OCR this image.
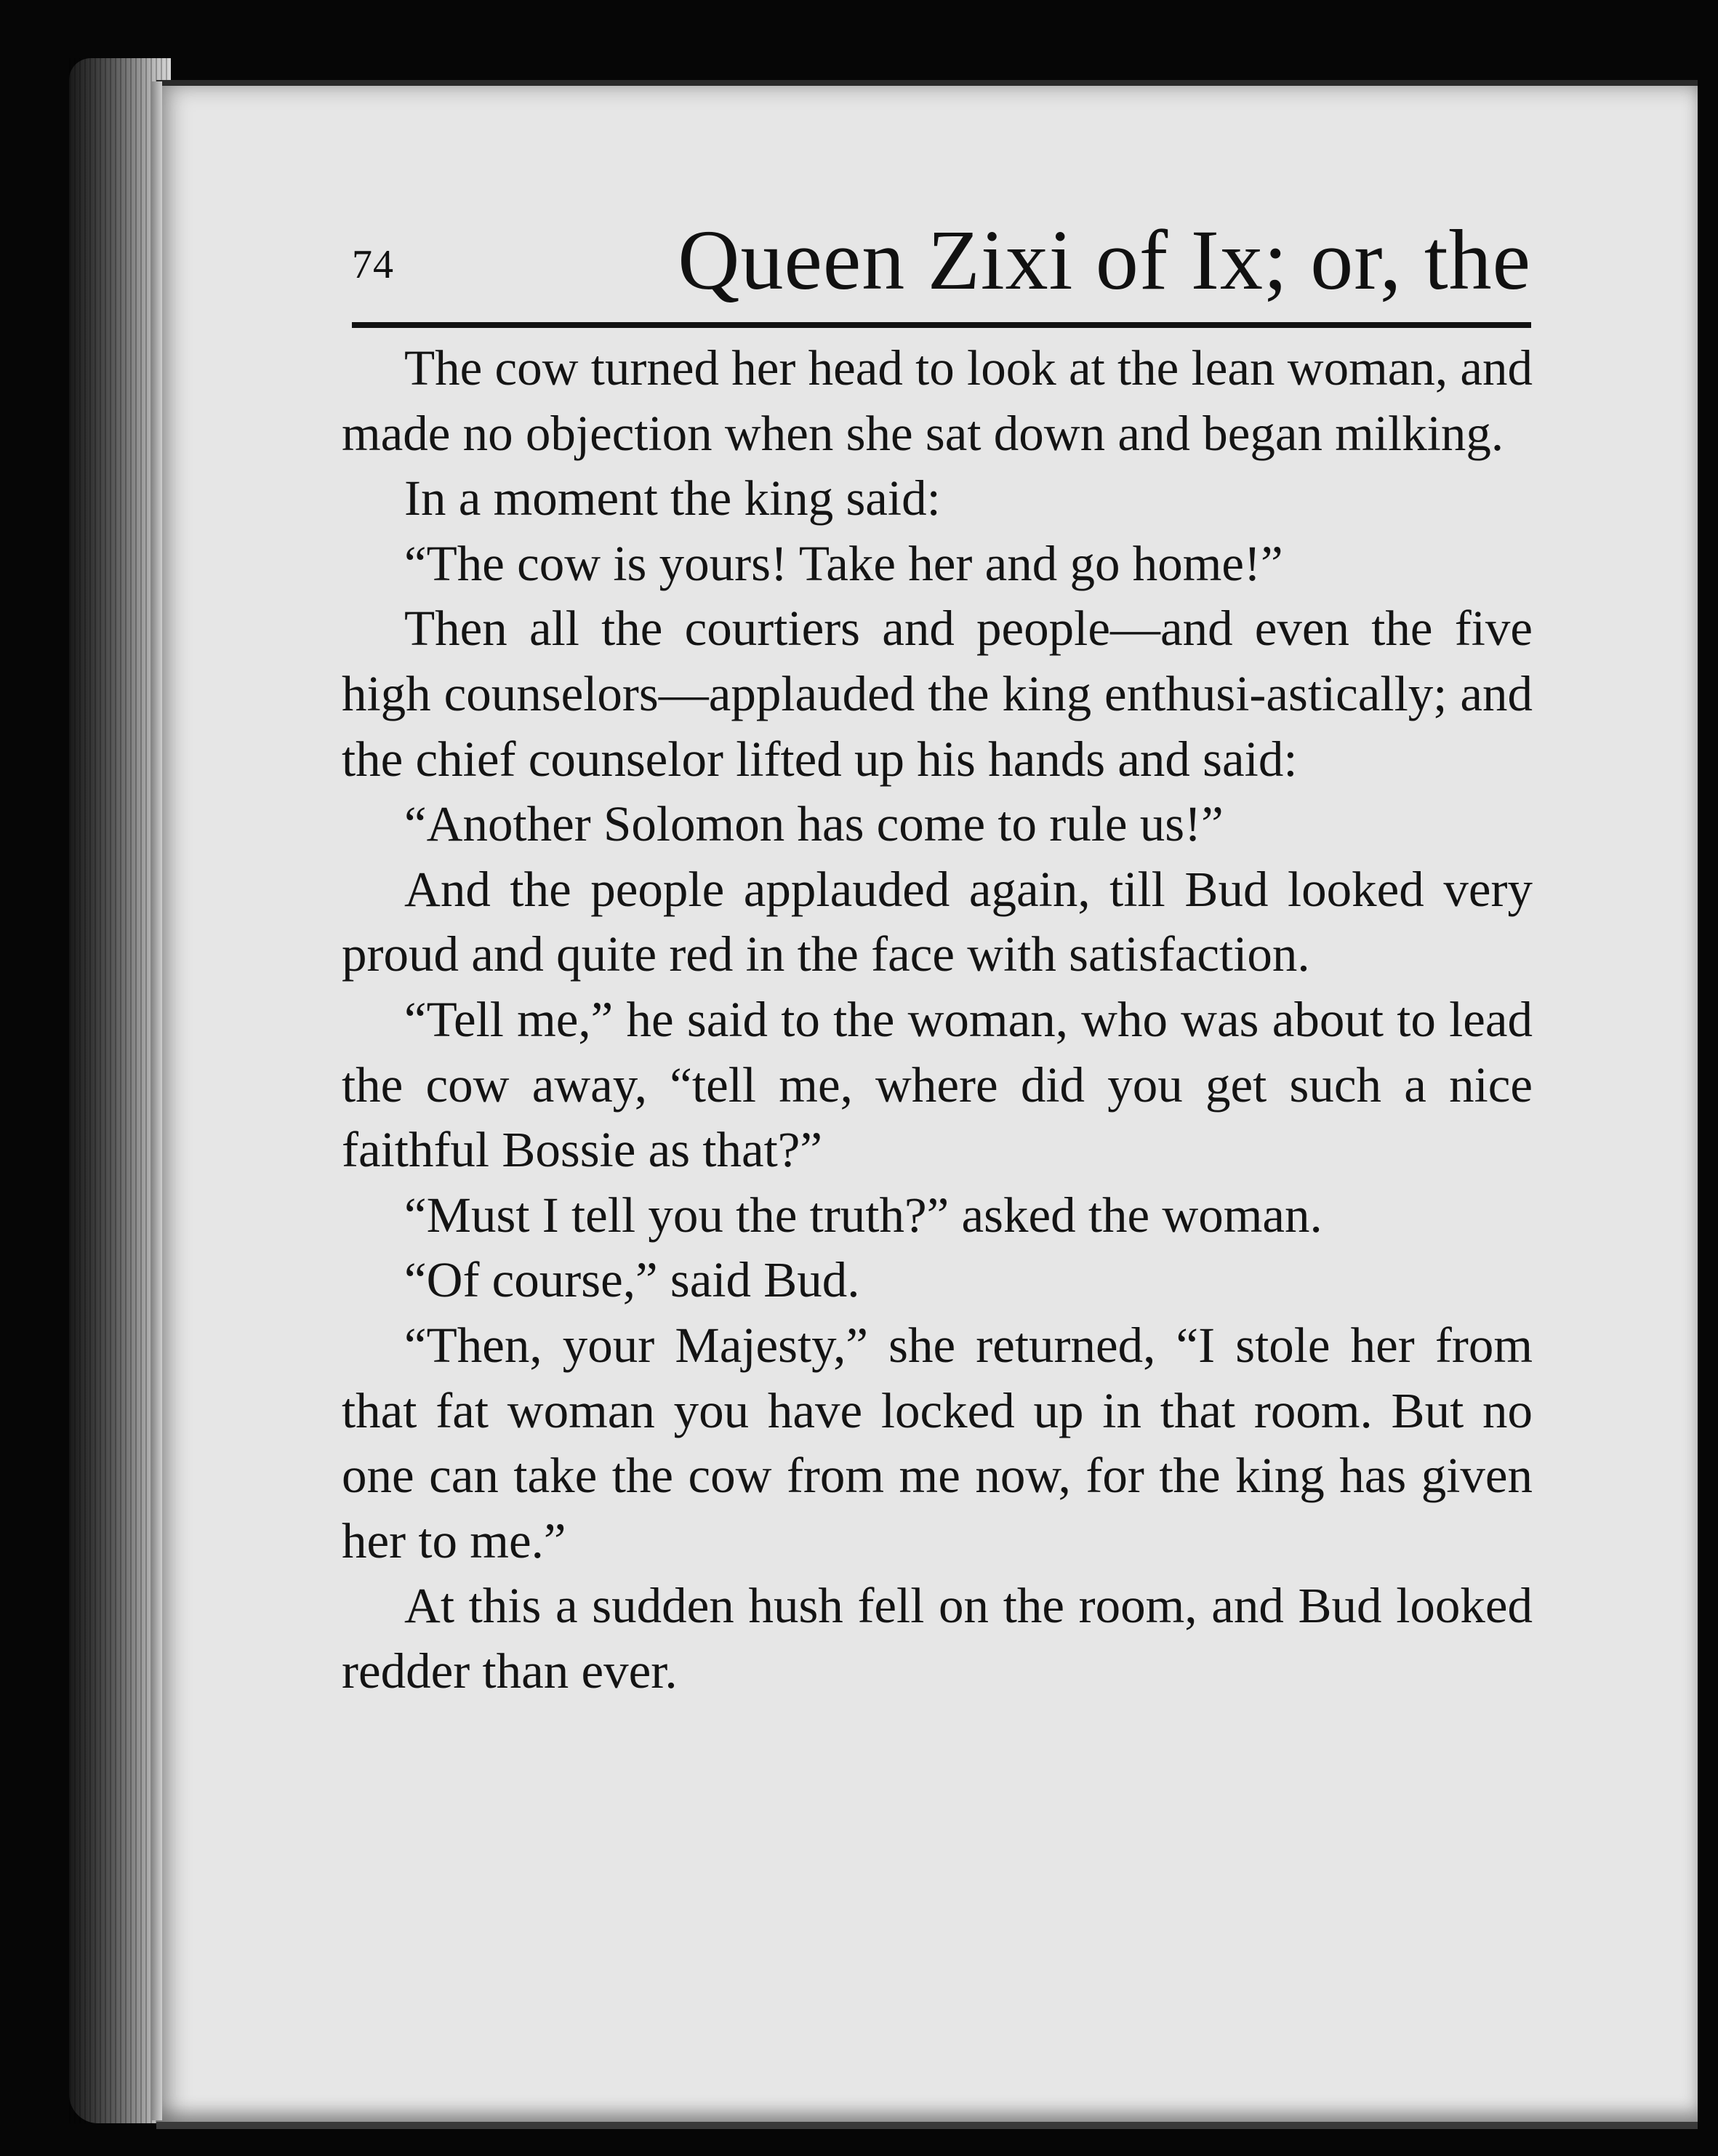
74	Queen Zixi of Ix; or, the

The cow turned her head to look at the lean woman, and made no objection when she sat down and began milking.

In a moment the king said:

“The cow is yours! Take her and go home!”

Then all the courtiers and people—and even the five high counselors—applauded the king enthusi-astically; and the chief counselor lifted up his hands and said:

“Another Solomon has come to rule us!”

And the people applauded again, till Bud looked very proud and quite red in the face with satisfaction.

“Tell me,” he said to the woman, who was about to lead the cow away, “tell me, where did you get such a nice faithful Bossie as that?”

“Must I tell you the truth?” asked the woman.

“Of course,” said Bud.

“Then, your Majesty,” she returned, “I stole her from that fat woman you have locked up in that room. But no one can take the cow from me now, for the king has given her to me.”

At this a sudden hush fell on the room, and Bud looked redder than ever.
